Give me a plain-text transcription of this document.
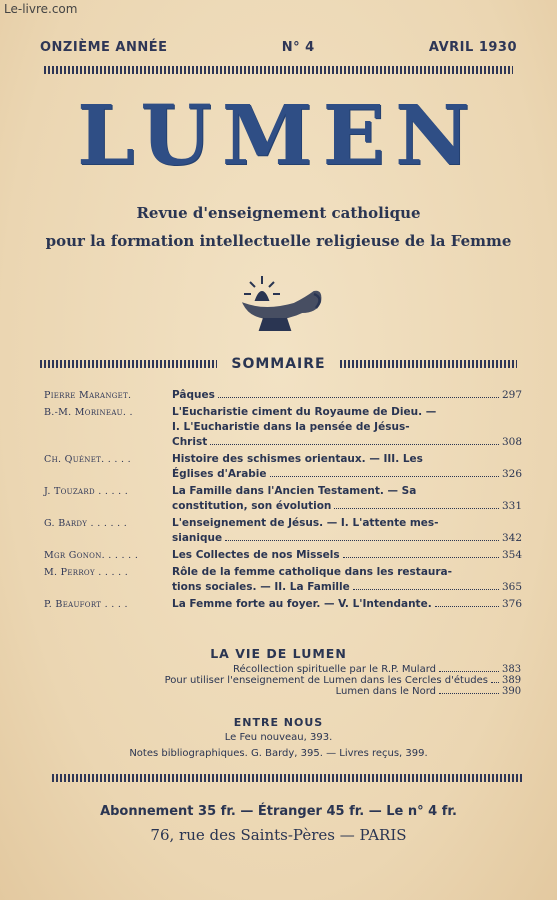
Le-livre.com
ONZIÈME ANNÉE	N° 4	AVRIL 1930
LUMEN
Revue d'enseignement catholique
pour la formation intellectuelle religieuse de la Femme
SOMMAIRE
Pierre Maranget.	Pâques	297
B.-M. Morineau. .	L'Eucharistie ciment du Royaume de Dieu. —
I. L'Eucharistie dans la pensée de Jésus-
Christ	308
Ch. Quénet. . . . .	Histoire des schismes orientaux. — III. Les
Églises d'Arabie	326
J. Touzard . . . . .	La Famille dans l'Ancien Testament. — Sa
constitution, son évolution	331
G. Bardy . . . . . .	L'enseignement de Jésus. — I. L'attente mes-
sianique	342
Mgr Gonon. . . . . .	Les Collectes de nos Missels	354
M. Perroy . . . . .	Rôle de la femme catholique dans les restaura-
tions sociales. — II. La Famille	365
P. Beaufort . . . .	La Femme forte au foyer. — V. L'Intendante.	376
LA VIE DE LUMEN
Récollection spirituelle par le R.P. Mulard	383
Pour utiliser l'enseignement de Lumen dans les Cercles d'études 389
Lumen dans le Nord	390
ENTRE NOUS
Le Feu nouveau, 393.
Notes bibliographiques. G. Bardy, 395. — Livres reçus, 399.
Abonnement 35 fr. — Étranger 45 fr. — Le n° 4 fr.
76, rue des Saints-Pères — PARIS
